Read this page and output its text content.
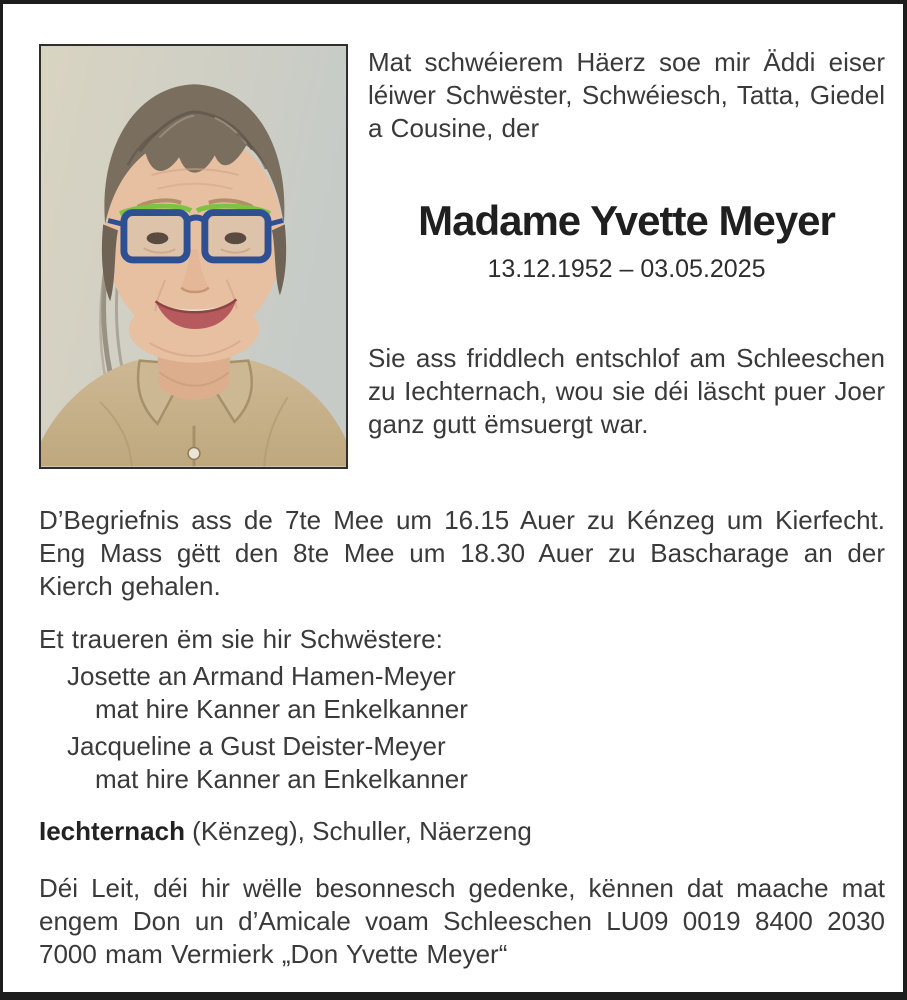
Mat schwéierem Häerz soe mir Äddi eiser léiwer Schwëster, Schwéiesch, Tatta, Giedel a Cousine, der

Madame Yvette Meyer
13.12.1952 – 03.05.2025

Sie ass friddlech entschlof am Schleeschen zu Iechternach, wou sie déi läscht puer Joer ganz gutt ëmsuergt war.

D’Begriefnis ass de 7te Mee um 16.15 Auer zu Kénzeg um Kierfecht. Eng Mass gëtt den 8te Mee um 18.30 Auer zu Bascharage an der Kierch gehalen.

Et traueren ëm sie hir Schwëstere:

Josette an Armand Hamen-Meyer
mat hire Kanner an Enkelkanner
Jacqueline a Gust Deister-Meyer
mat hire Kanner an Enkelkanner

Iechternach (Kënzeg), Schuller, Näerzeng

Déi Leit, déi hir wëlle besonnesch gedenke, kënnen dat maache mat engem Don un d’Amicale voam Schleeschen LU09 0019 8400 2030 7000 mam Vermierk „Don Yvette Meyer“
